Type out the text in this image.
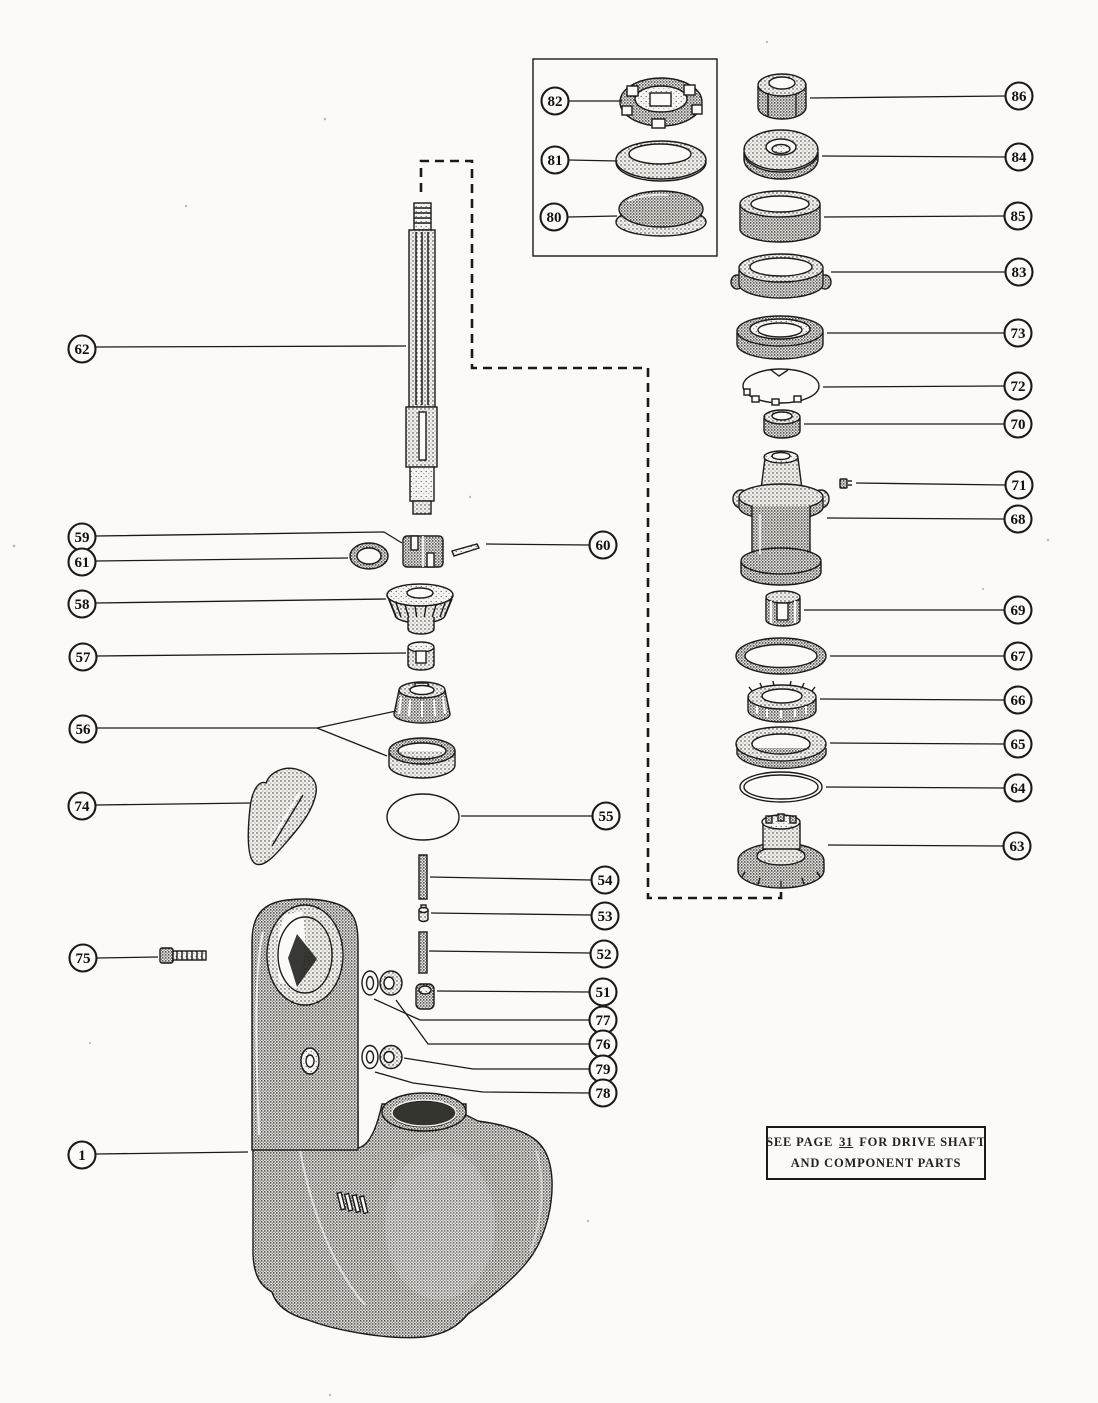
82
81
80
86
84
85
83
73
72
70
71
68
69
67
66
65
64
63
62
59
61
58
57
56
74
75
1
60
55
54
53
52
51
77
76
79
78
SEE PAGE 31 FOR DRIVE SHAFT
AND COMPONENT PARTS
